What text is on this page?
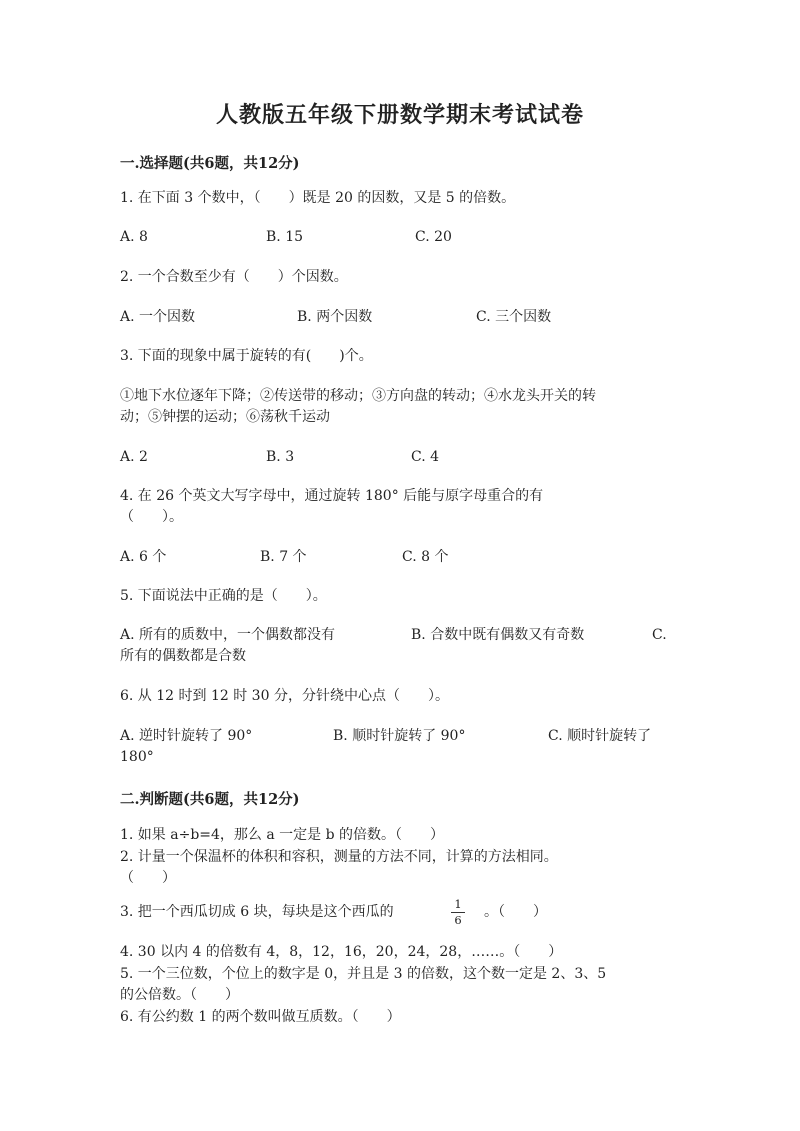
人教版五年级下册数学期末考试试卷
一.选择题(共6题，共12分)
1. 在下面 3 个数中，（　　）既是 20 的因数，又是 5 的倍数。
A. 8	B. 15	C. 20
2. 一个合数至少有（　　）个因数。
A. 一个因数	B. 两个因数	C. 三个因数
3. 下面的现象中属于旋转的有(　　)个。
①地下水位逐年下降；②传送带的移动；③方向盘的转动；④水龙头开关的转
动；⑤钟摆的运动；⑥荡秋千运动
A. 2	B. 3	C. 4
4. 在 26 个英文大写字母中，通过旋转 180° 后能与原字母重合的有
（　　）。
A. 6 个	B. 7 个	C. 8 个
5. 下面说法中正确的是（　　）。
A. 所有的质数中，一个偶数都没有	B. 合数中既有偶数又有奇数	C.
所有的偶数都是合数
6. 从 12 时到 12 时 30 分，分针绕中心点（　　）。
A. 逆时针旋转了 90°	B. 顺时针旋转了 90°	C. 顺时针旋转了
180°
二.判断题(共6题，共12分)
1. 如果 a÷b=4，那么 a 一定是 b 的倍数。（　　）
2. 计量一个保温杯的体积和容积，测量的方法不同，计算的方法相同。
（　　）
3. 把一个西瓜切成 6 块，每块是这个西瓜的	1
6 。（　　）
4. 30 以内 4 的倍数有 4，8，12，16，20，24，28，……。（　　）
5. 一个三位数，个位上的数字是 0，并且是 3 的倍数，这个数一定是 2、3、5
的公倍数。（　　）
6. 有公约数 1 的两个数叫做互质数。（　　）
